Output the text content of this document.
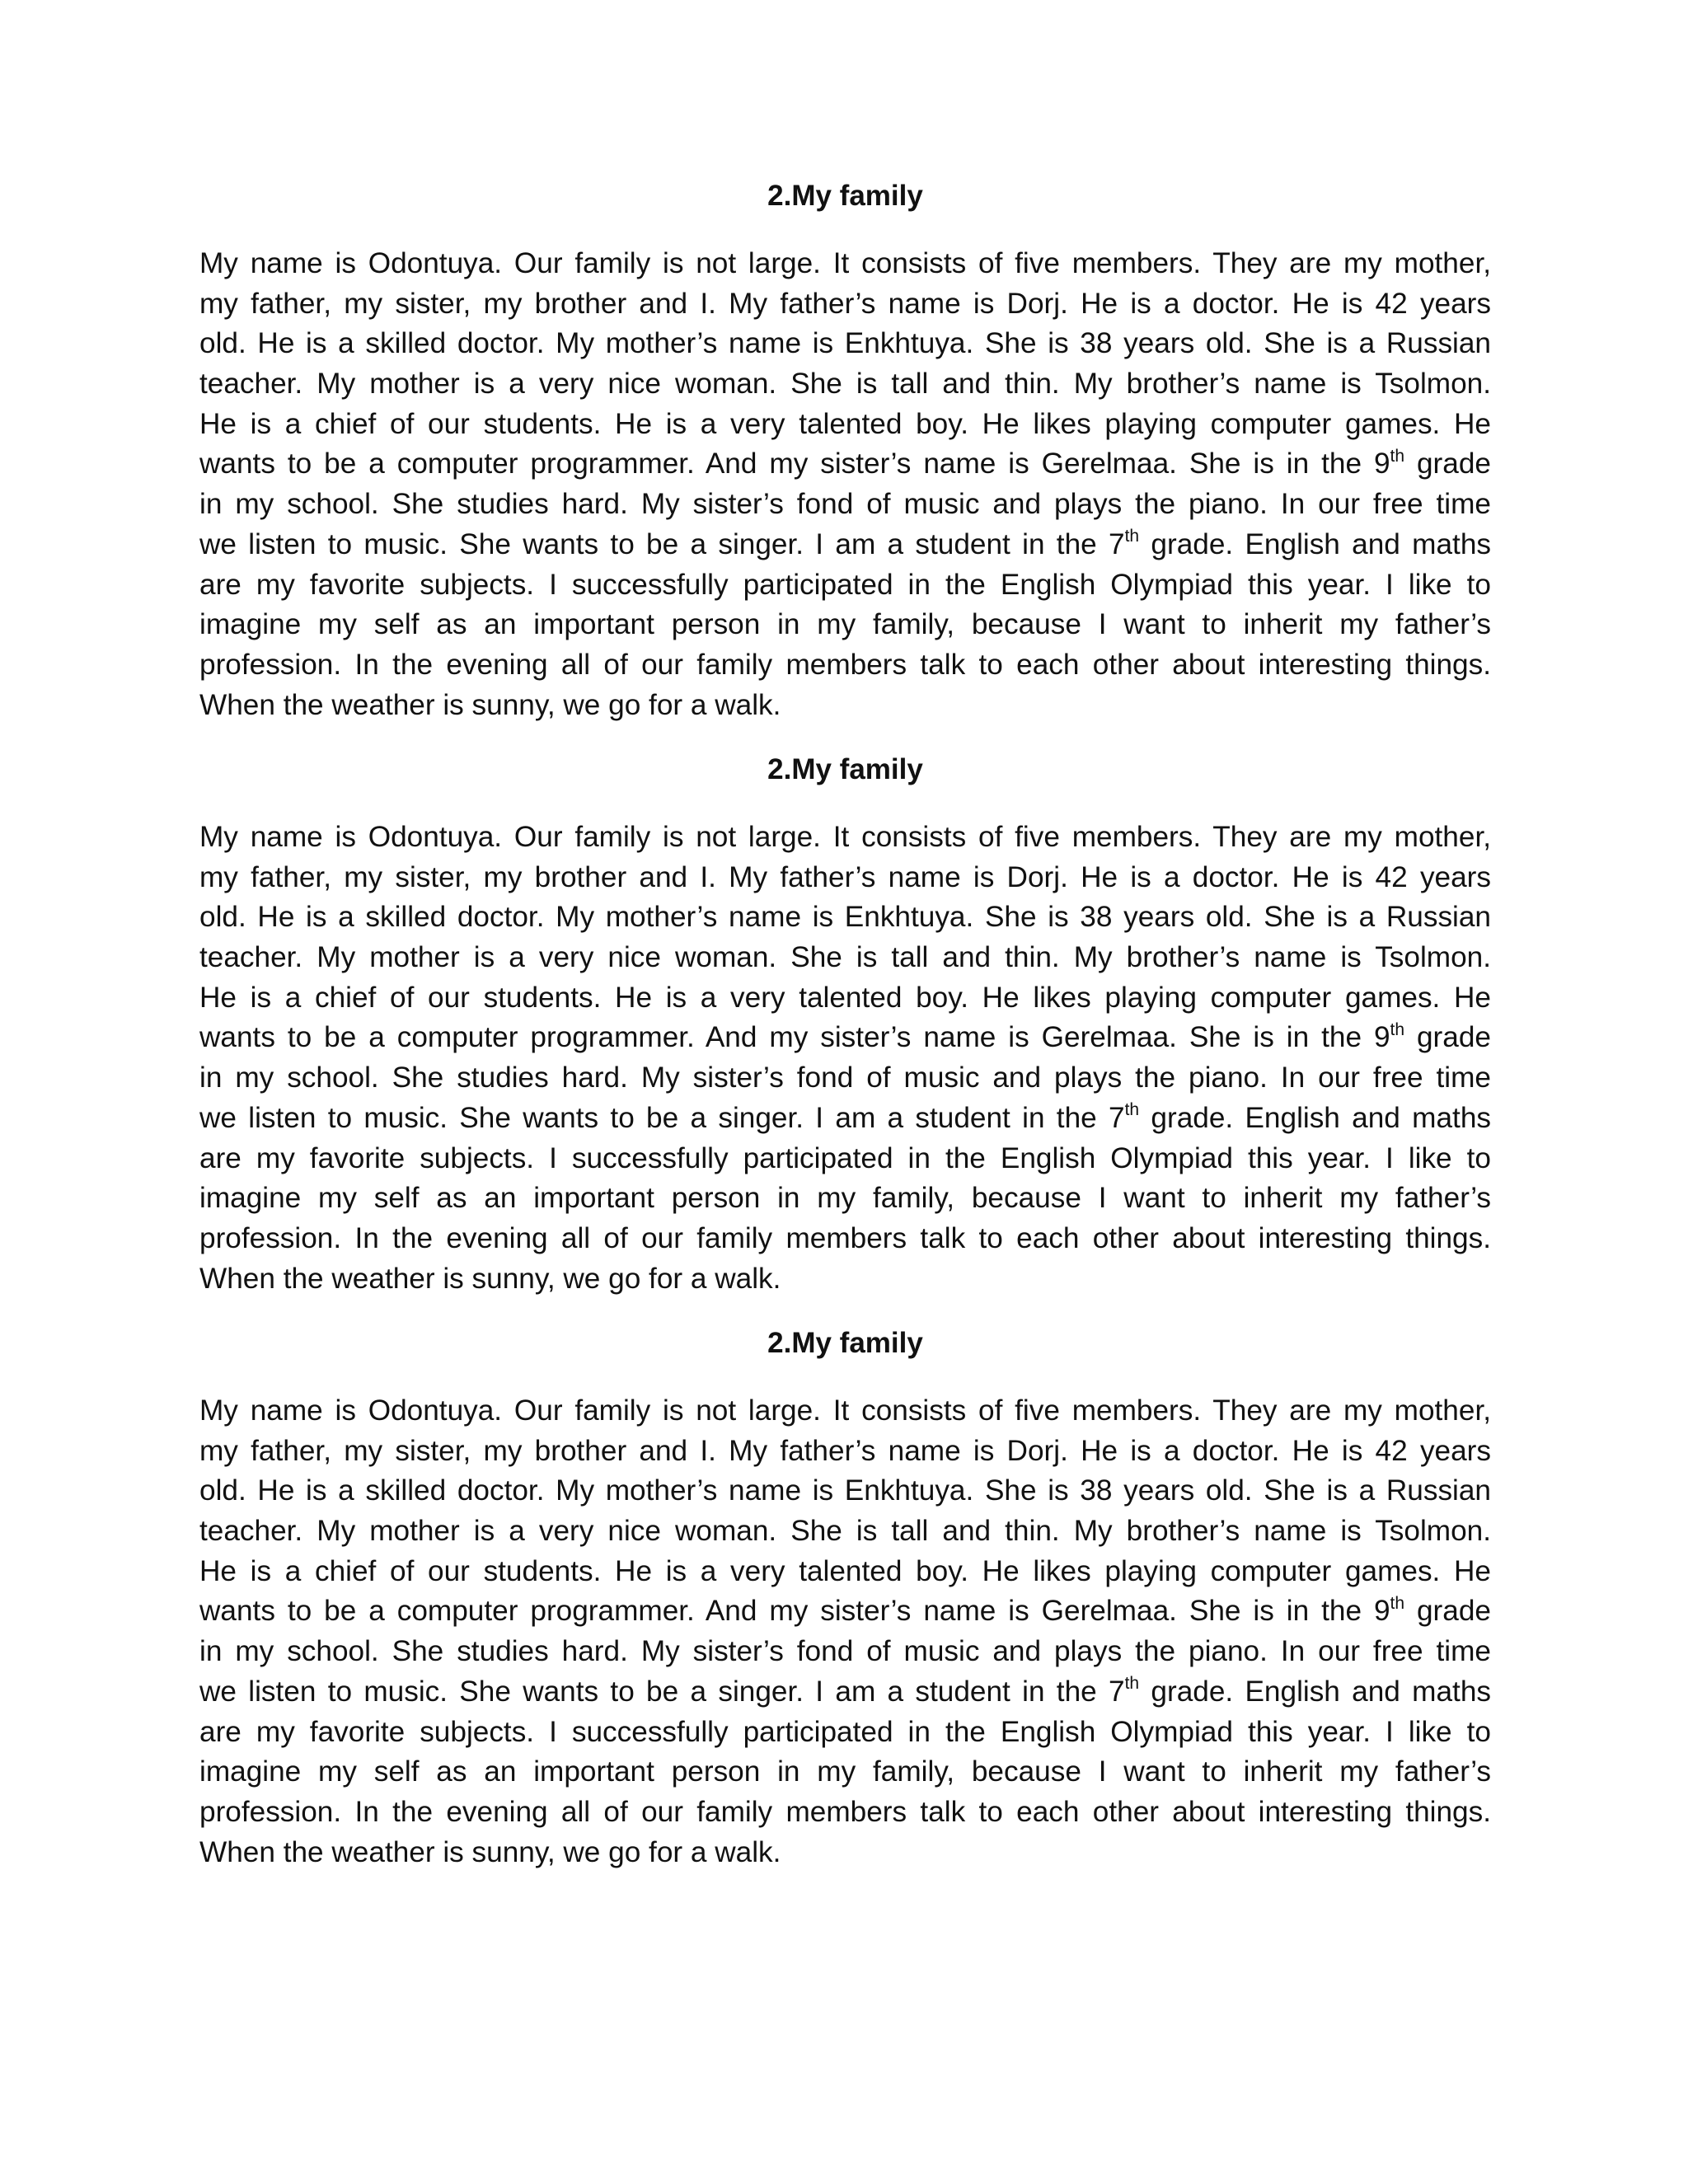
2.My family
My name is Odontuya. Our family is not large. It consists of five members. They are my mother,
my father, my sister, my brother and I. My father’s name is Dorj. He is a doctor. He is 42 years
old. He is a skilled doctor. My mother’s name is Enkhtuya. She is 38 years old. She is a Russian
teacher. My mother is a very nice woman. She is tall and thin. My brother’s name is Tsolmon.
He is a chief of our students. He is a very talented boy. He likes playing computer games. He
wants to be a computer programmer. And my sister’s name is Gerelmaa. She is in the 9th grade
in my school. She studies hard. My sister’s fond of music and plays the piano. In our free time
we listen to music. She wants to be a singer. I am a student in the 7th grade. English and maths
are my favorite subjects. I successfully participated in the English Olympiad this year. I like to
imagine my self as an important person in my family, because I want to inherit my father’s
profession. In the evening all of our family members talk to each other about interesting things.
When the weather is sunny, we go for a walk.
2.My family
My name is Odontuya. Our family is not large. It consists of five members. They are my mother,
my father, my sister, my brother and I. My father’s name is Dorj. He is a doctor. He is 42 years
old. He is a skilled doctor. My mother’s name is Enkhtuya. She is 38 years old. She is a Russian
teacher. My mother is a very nice woman. She is tall and thin. My brother’s name is Tsolmon.
He is a chief of our students. He is a very talented boy. He likes playing computer games. He
wants to be a computer programmer. And my sister’s name is Gerelmaa. She is in the 9th grade
in my school. She studies hard. My sister’s fond of music and plays the piano. In our free time
we listen to music. She wants to be a singer. I am a student in the 7th grade. English and maths
are my favorite subjects. I successfully participated in the English Olympiad this year. I like to
imagine my self as an important person in my family, because I want to inherit my father’s
profession. In the evening all of our family members talk to each other about interesting things.
When the weather is sunny, we go for a walk.
2.My family
My name is Odontuya. Our family is not large. It consists of five members. They are my mother,
my father, my sister, my brother and I. My father’s name is Dorj. He is a doctor. He is 42 years
old. He is a skilled doctor. My mother’s name is Enkhtuya. She is 38 years old. She is a Russian
teacher. My mother is a very nice woman. She is tall and thin. My brother’s name is Tsolmon.
He is a chief of our students. He is a very talented boy. He likes playing computer games. He
wants to be a computer programmer. And my sister’s name is Gerelmaa. She is in the 9th grade
in my school. She studies hard. My sister’s fond of music and plays the piano. In our free time
we listen to music. She wants to be a singer. I am a student in the 7th grade. English and maths
are my favorite subjects. I successfully participated in the English Olympiad this year. I like to
imagine my self as an important person in my family, because I want to inherit my father’s
profession. In the evening all of our family members talk to each other about interesting things.
When the weather is sunny, we go for a walk.
